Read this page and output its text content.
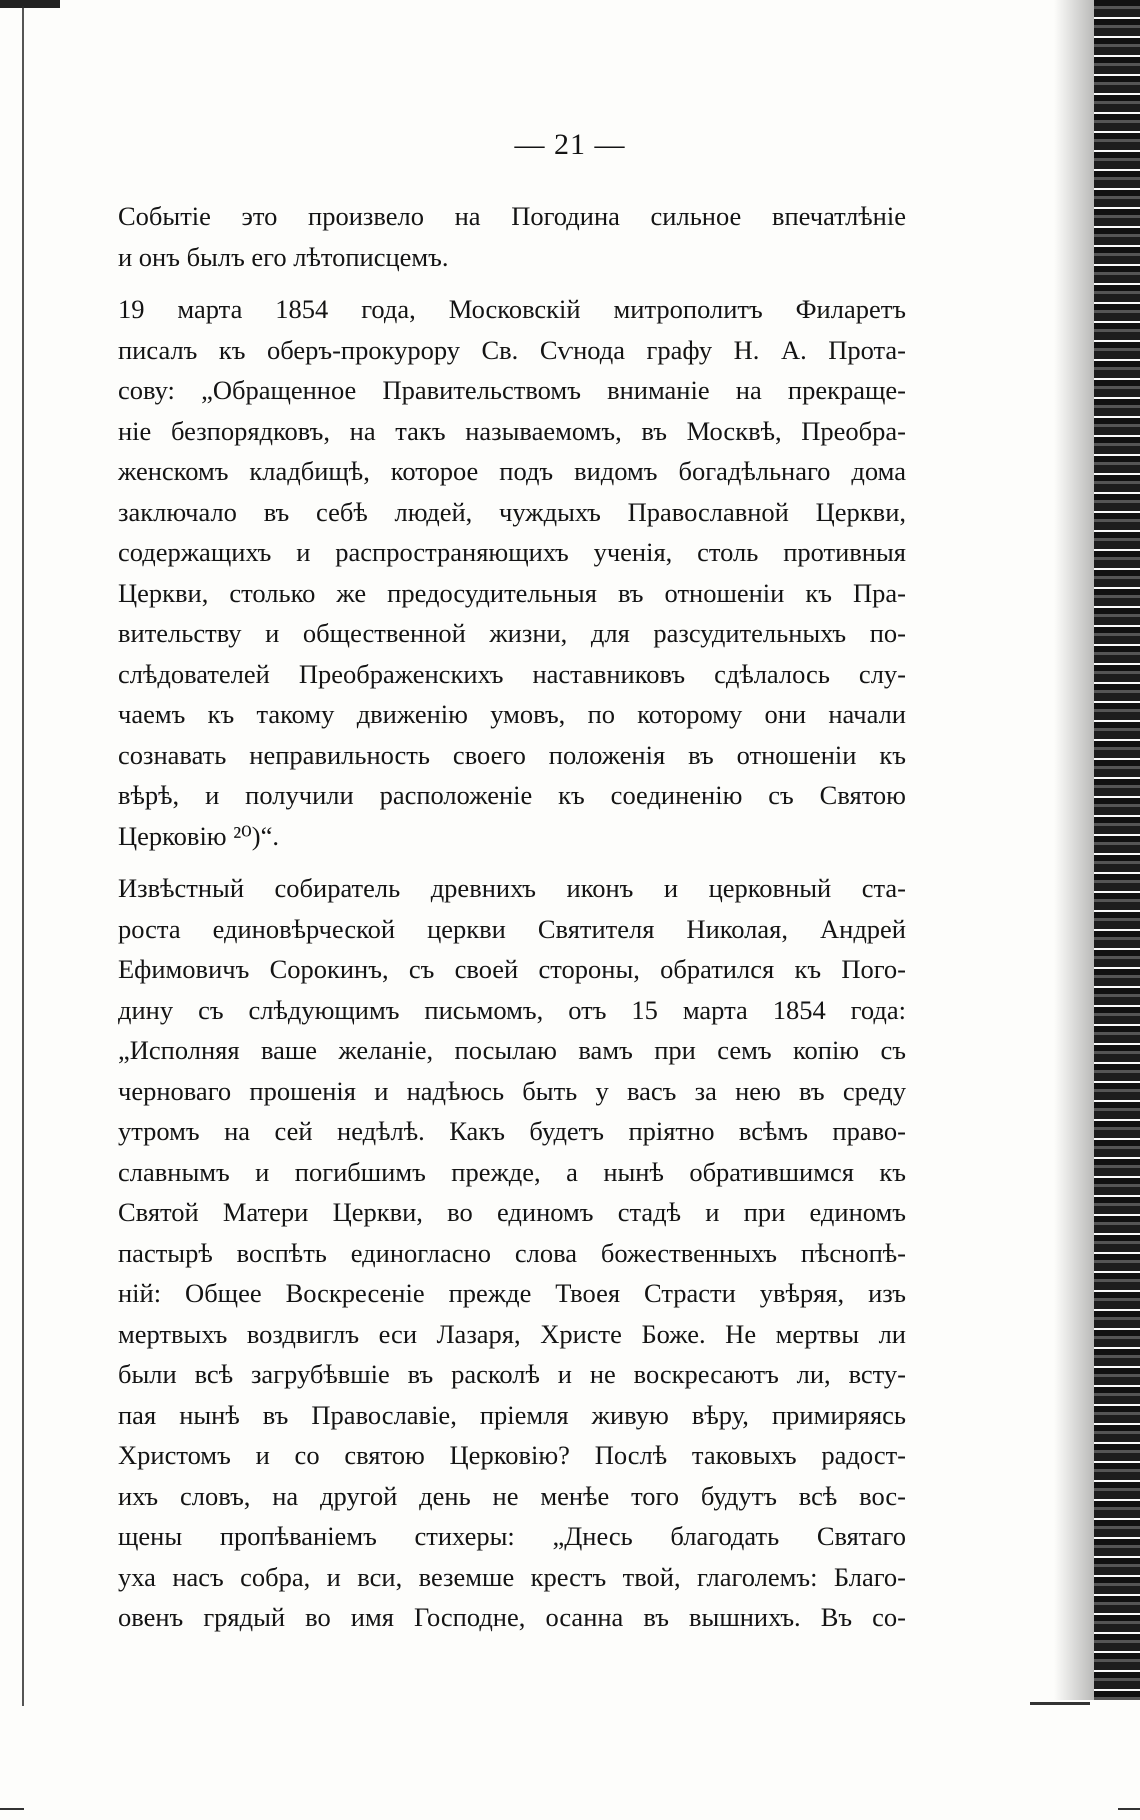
— 21 —

Событіе это произвело на Погодина сильное впечатлѣніе
и онъ былъ его лѣтописцемъ.

19 марта 1854 года, Московскій митрополитъ Филаретъ
писалъ къ оберъ-прокурору Св. Сѵнода графу Н. А. Прота-
сову: „Обращенное Правительствомъ вниманіе на прекраще-
ніе безпорядковъ, на такъ называемомъ, въ Москвѣ, Преобра-
женскомъ кладбищѣ, которое подъ видомъ богадѣльнаго дома
заключало въ себѣ людей, чуждыхъ Православной Церкви,
содержащихъ и распространяющихъ ученія, столь противныя
Церкви, столько же предосудительныя въ отношеніи къ Пра-
вительству и общественной жизни, для разсудительныхъ по-
слѣдователей Преображенскихъ наставниковъ сдѣлалось слу-
чаемъ къ такому движенію умовъ, по которому они начали
сознавать неправильность своего положенія въ отношеніи къ
вѣрѣ, и получили расположеніе къ соединенію съ Святою
Церковію ²⁰)“.

Извѣстный собиратель древнихъ иконъ и церковный ста-
роста единовѣрческой церкви Святителя Николая, Андрей
Ефимовичъ Сорокинъ, съ своей стороны, обратился къ Пого-
дину съ слѣдующимъ письмомъ, отъ 15 марта 1854 года:
„Исполняя ваше желаніе, посылаю вамъ при семъ копію съ
черноваго прошенія и надѣюсь быть у васъ за нею въ среду
утромъ на сей недѣлѣ. Какъ будетъ пріятно всѣмъ право-
славнымъ и погибшимъ прежде, а нынѣ обратившимся къ
Святой Матери Церкви, во единомъ стадѣ и при единомъ
пастырѣ воспѣть единогласно слова божественныхъ пѣснопѣ-
ній: Общее Воскресеніе прежде Твоея Страсти увѣряя, изъ
мертвыхъ воздвиглъ еси Лазаря, Христе Боже. Не мертвы ли
были всѣ загрубѣвшіе въ расколѣ и не воскресаютъ ли, всту-
пая нынѣ въ Православіе, пріемля живую вѣру, примиряясь
Христомъ и со святою Церковію? Послѣ таковыхъ радост-
ихъ словъ, на другой день не менѣе того будутъ всѣ вос-
щены пропѣваніемъ стихеры: „Днесь благодать Святаго
уха насъ собра, и вси, веземше крестъ твой, глаголемъ: Благо-
овенъ грядый во имя Господне, осанна въ вышнихъ. Въ со-
